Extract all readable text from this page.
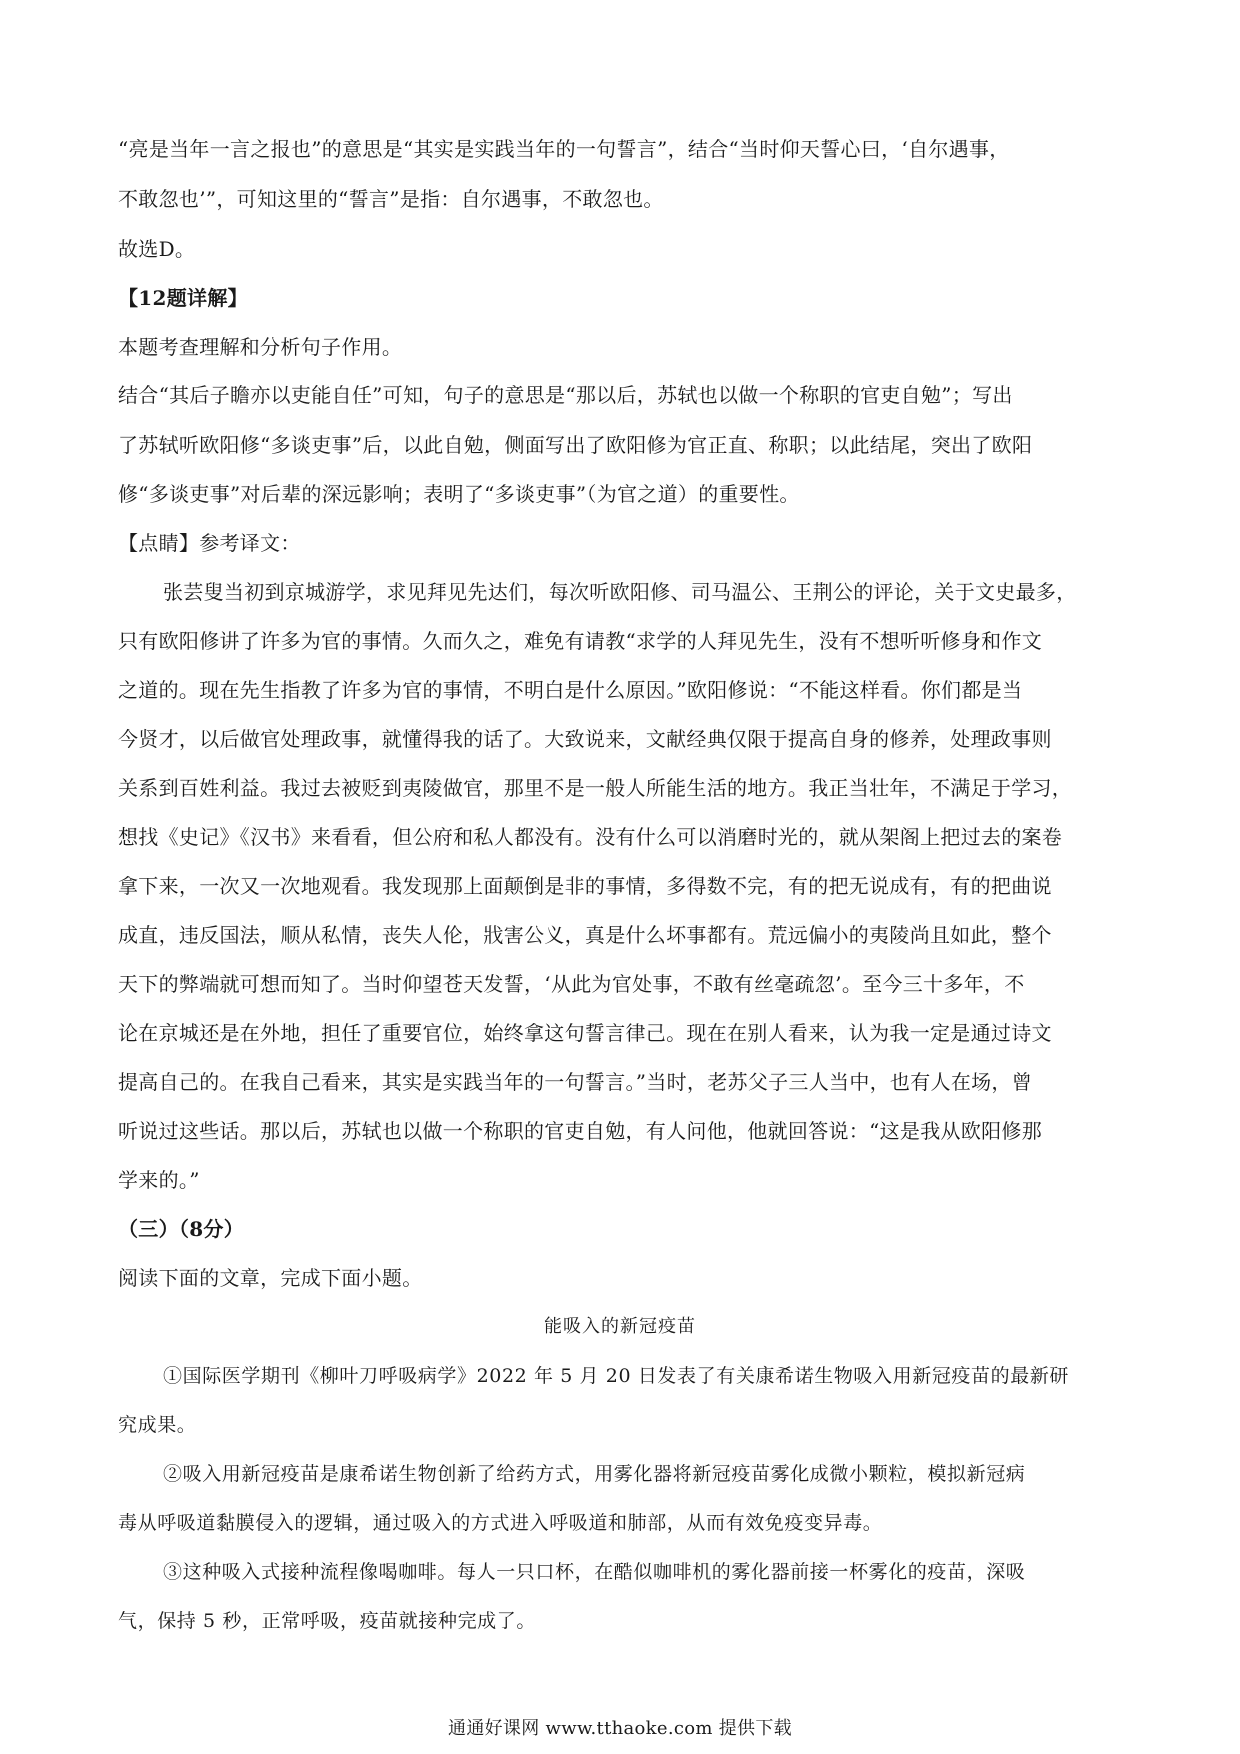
“亮是当年一言之报也”的意思是“其实是实践当年的一句誓言”，结合“当时仰天誓心曰，‘自尔遇事，
不敢忽也’”，可知这里的“誓言”是指：自尔遇事，不敢忽也。
故选D。
【12题详解】
本题考查理解和分析句子作用。
结合“其后子瞻亦以吏能自任”可知，句子的意思是“那以后，苏轼也以做一个称职的官吏自勉”；写出
了苏轼听欧阳修“多谈吏事”后，以此自勉，侧面写出了欧阳修为官正直、称职；以此结尾，突出了欧阳
修“多谈吏事”对后辈的深远影响；表明了“多谈吏事”（为官之道）的重要性。
【点睛】参考译文：
张芸叟当初到京城游学，求见拜见先达们，每次听欧阳修、司马温公、王荆公的评论，关于文史最多，
只有欧阳修讲了许多为官的事情。久而久之，难免有请教“求学的人拜见先生，没有不想听听修身和作文
之道的。现在先生指教了许多为官的事情，不明白是什么原因。”欧阳修说：“不能这样看。你们都是当
今贤才，以后做官处理政事，就懂得我的话了。大致说来，文献经典仅限于提高自身的修养，处理政事则
关系到百姓利益。我过去被贬到夷陵做官，那里不是一般人所能生活的地方。我正当壮年，不满足于学习，
想找《史记》《汉书》来看看，但公府和私人都没有。没有什么可以消磨时光的，就从架阁上把过去的案卷
拿下来，一次又一次地观看。我发现那上面颠倒是非的事情，多得数不完，有的把无说成有，有的把曲说
成直，违反国法，顺从私情，丧失人伦，戕害公义，真是什么坏事都有。荒远偏小的夷陵尚且如此，整个
天下的弊端就可想而知了。当时仰望苍天发誓，‘从此为官处事，不敢有丝毫疏忽’。至今三十多年，不
论在京城还是在外地，担任了重要官位，始终拿这句誓言律己。现在在别人看来，认为我一定是通过诗文
提高自己的。在我自己看来，其实是实践当年的一句誓言。”当时，老苏父子三人当中，也有人在场，曾
听说过这些话。那以后，苏轼也以做一个称职的官吏自勉，有人问他，他就回答说：“这是我从欧阳修那
学来的。”
（三）（8分）
阅读下面的文章，完成下面小题。
能吸入的新冠疫苗
①国际医学期刊《柳叶刀呼吸病学》2022 年 5 月 20 日发表了有关康希诺生物吸入用新冠疫苗的最新研
究成果。
②吸入用新冠疫苗是康希诺生物创新了给药方式，用雾化器将新冠疫苗雾化成微小颗粒，模拟新冠病
毒从呼吸道黏膜侵入的逻辑，通过吸入的方式进入呼吸道和肺部，从而有效免疫变异毒。
③这种吸入式接种流程像喝咖啡。每人一只口杯，在酷似咖啡机的雾化器前接一杯雾化的疫苗，深吸
气，保持 5 秒，正常呼吸，疫苗就接种完成了。
通通好课网 www.tthaoke.com 提供下载
